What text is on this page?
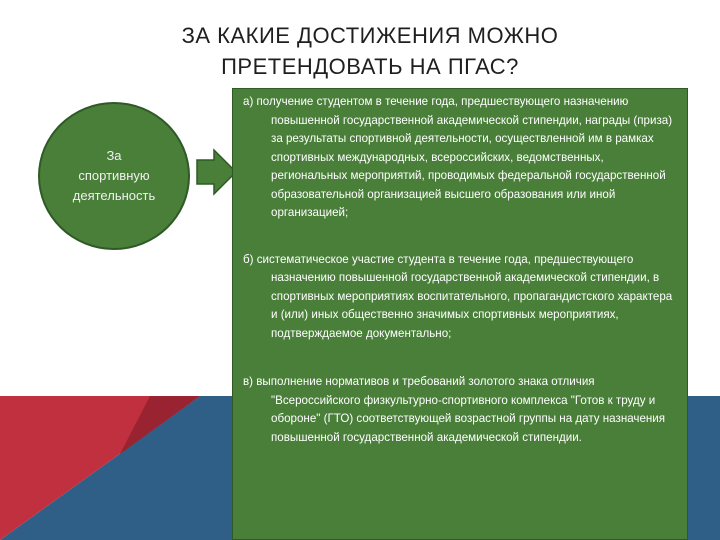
ЗА КАКИЕ ДОСТИЖЕНИЯ МОЖНО
ПРЕТЕНДОВАТЬ НА ПГАС?
За
спортивную
деятельность

а) получение студентом в течение года, предшествующего назначению повышенной государственной академической стипендии, награды (приза) за результаты спортивной деятельности, осуществленной им в рамках спортивных международных, всероссийских, ведомственных, региональных мероприятий, проводимых федеральной государственной образовательной организацией высшего образования или иной организацией;

б) систематическое участие студента в течение года, предшествующего назначению повышенной государственной академической стипендии, в спортивных мероприятиях воспитательного, пропагандистского характера и (или) иных общественно значимых спортивных мероприятиях, подтверждаемое документально;

в) выполнение нормативов и требований золотого знака отличия "Всероссийского физкультурно-спортивного комплекса "Готов к труду и обороне" (ГТО) соответствующей возрастной группы на дату назначения повышенной государственной академической стипендии.
